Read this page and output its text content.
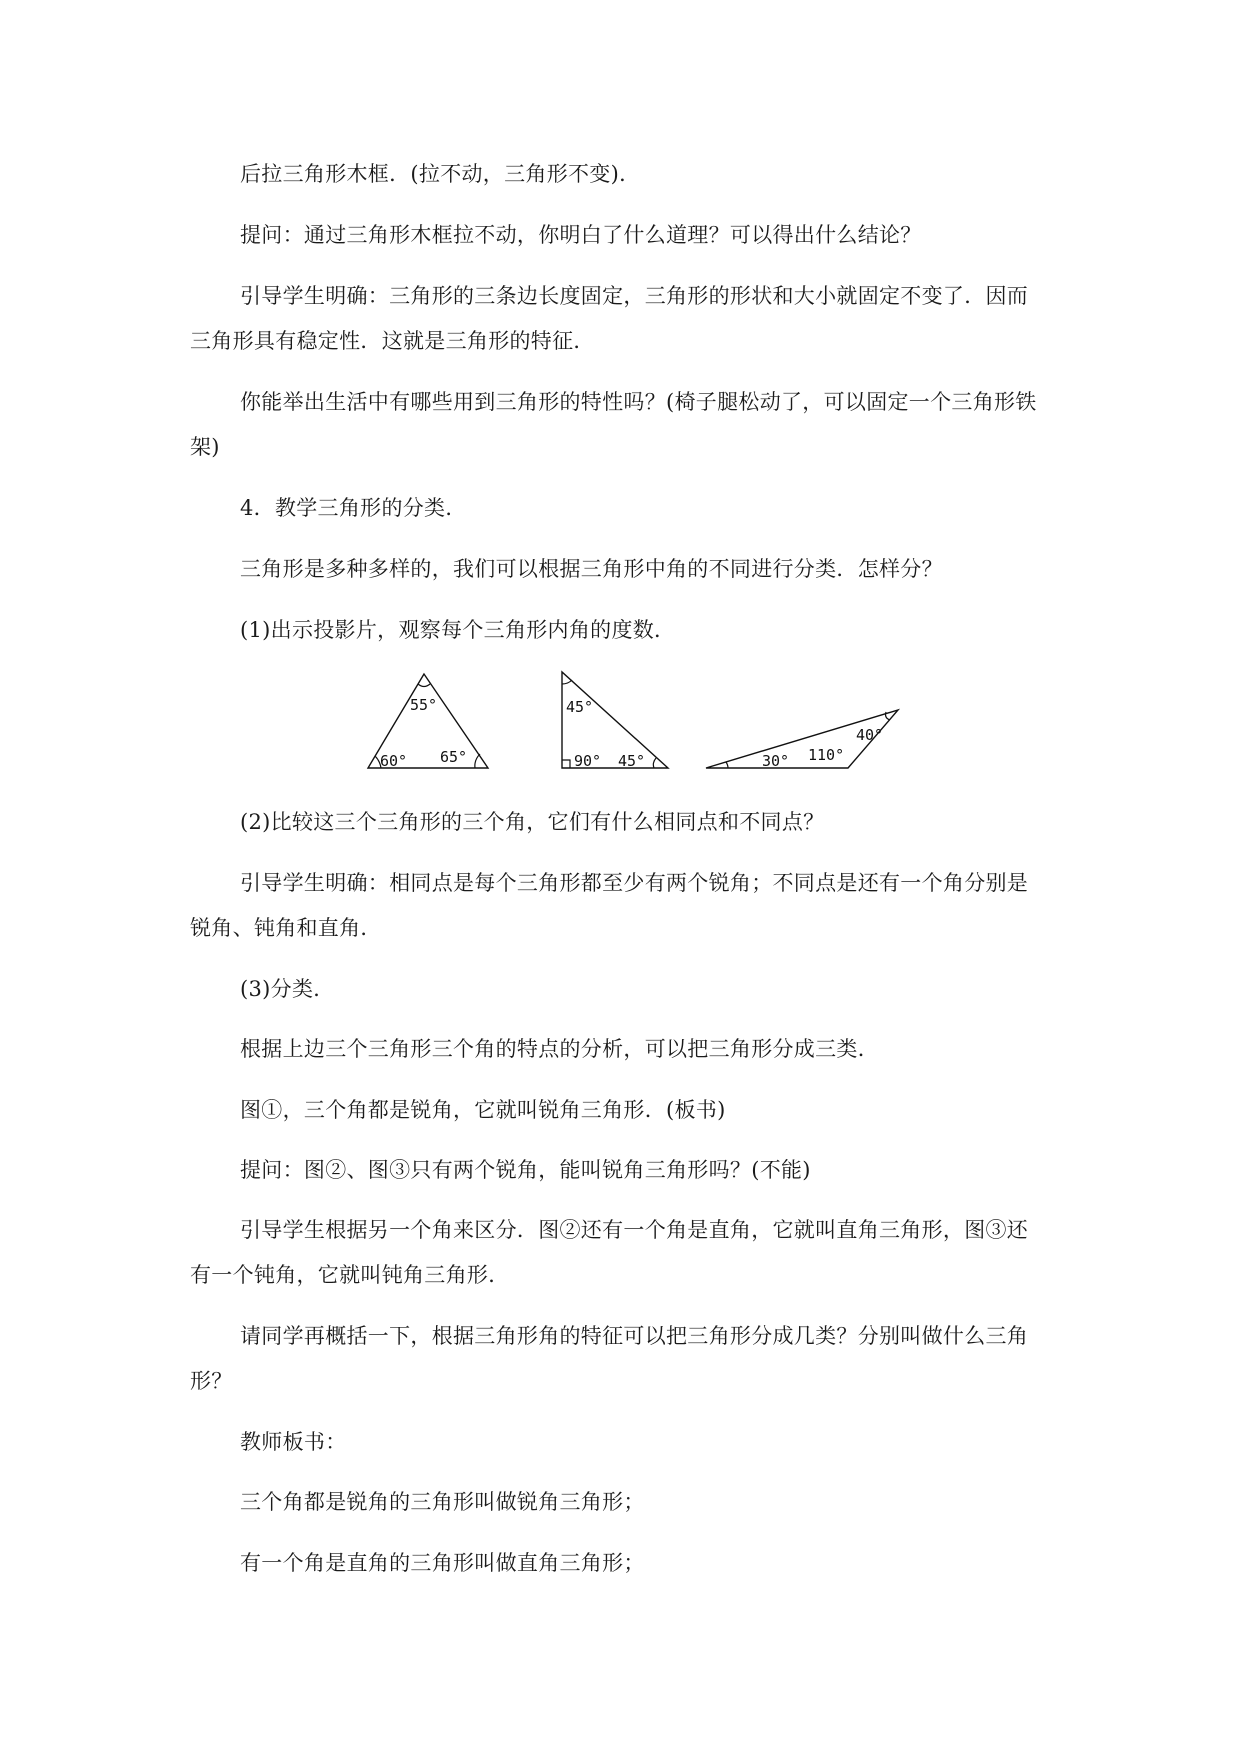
后拉三角形木框．(拉不动，三角形不变)．
提问：通过三角形木框拉不动，你明白了什么道理？可以得出什么结论？
引导学生明确：三角形的三条边长度固定，三角形的形状和大小就固定不变了．因而
三角形具有稳定性．这就是三角形的特征．
你能举出生活中有哪些用到三角形的特性吗？(椅子腿松动了，可以固定一个三角形铁
架)
4．教学三角形的分类．
三角形是多种多样的，我们可以根据三角形中角的不同进行分类．怎样分？
(1)出示投影片，观察每个三角形内角的度数．
55°
60° 65°
45°
90° 45°
40°
30° 110°
(2)比较这三个三角形的三个角，它们有什么相同点和不同点？
引导学生明确：相同点是每个三角形都至少有两个锐角；不同点是还有一个角分别是
锐角、钝角和直角．
(3)分类．
根据上边三个三角形三个角的特点的分析，可以把三角形分成三类．
图①，三个角都是锐角，它就叫锐角三角形．(板书)
提问：图②、图③只有两个锐角，能叫锐角三角形吗？(不能)
引导学生根据另一个角来区分．图②还有一个角是直角，它就叫直角三角形，图③还
有一个钝角，它就叫钝角三角形．
请同学再概括一下，根据三角形角的特征可以把三角形分成几类？分别叫做什么三角
形？
教师板书：
三个角都是锐角的三角形叫做锐角三角形；
有一个角是直角的三角形叫做直角三角形；
